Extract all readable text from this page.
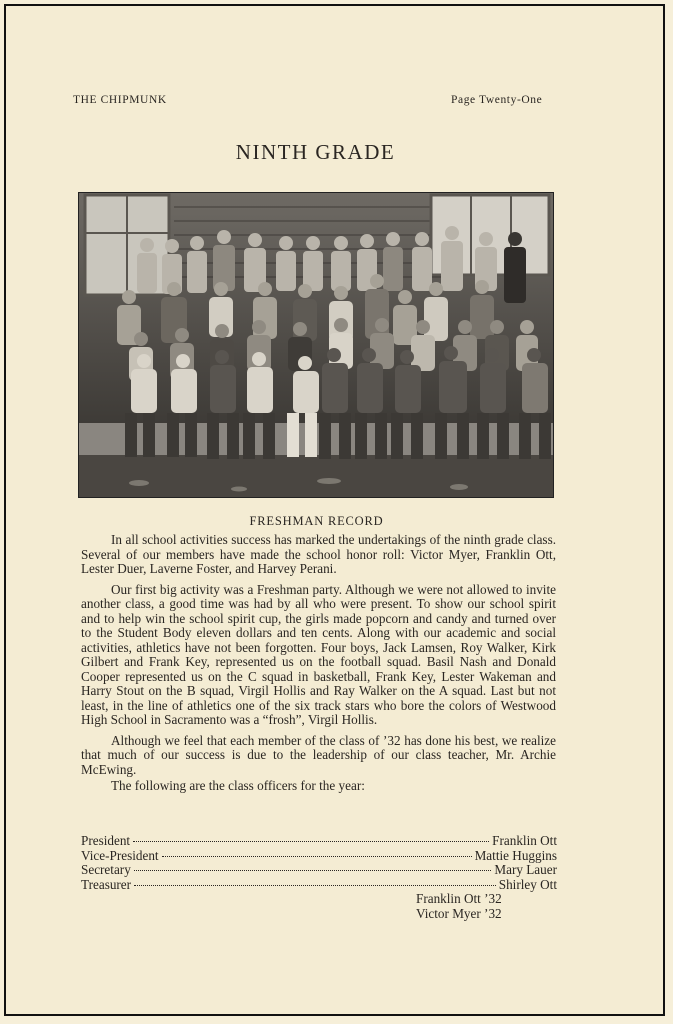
THE CHIPMUNK	Page Twenty-One
NINTH GRADE
FRESHMAN RECORD

In all school activities success has marked the undertakings of the ninth grade class. Several of our members have made the school honor roll: Victor Myer, Franklin Ott, Lester Duer, Laverne Foster, and Harvey Perani.

Our first big activity was a Freshman party. Although we were not allowed to invite another class, a good time was had by all who were present. To show our school spirit and to help win the school spirit cup, the girls made popcorn and candy and turned over to the Student Body eleven dollars and ten cents. Along with our academic and social activities, athletics have not been forgotten. Four boys, Jack Lamsen, Roy Walker, Kirk Gilbert and Frank Key, represented us on the football squad. Basil Nash and Donald Cooper represented us on the C squad in basketball, Frank Key, Lester Wakeman and Harry Stout on the B squad, Virgil Hollis and Ray Walker on the A squad. Last but not least, in the line of athletics one of the six track stars who bore the colors of Westwood High School in Sacramento was a “frosh”, Virgil Hollis.

Although we feel that each member of the class of ’32 has done his best, we realize that much of our success is due to the leadership of our class teacher, Mr. Archie McEwing.

The following are the class officers for the year:

President	Franklin Ott
Vice-President	Mattie Huggins
Secretary	Mary Lauer
Treasurer	Shirley Ott
Franklin Ott ’32
Victor Myer ’32
